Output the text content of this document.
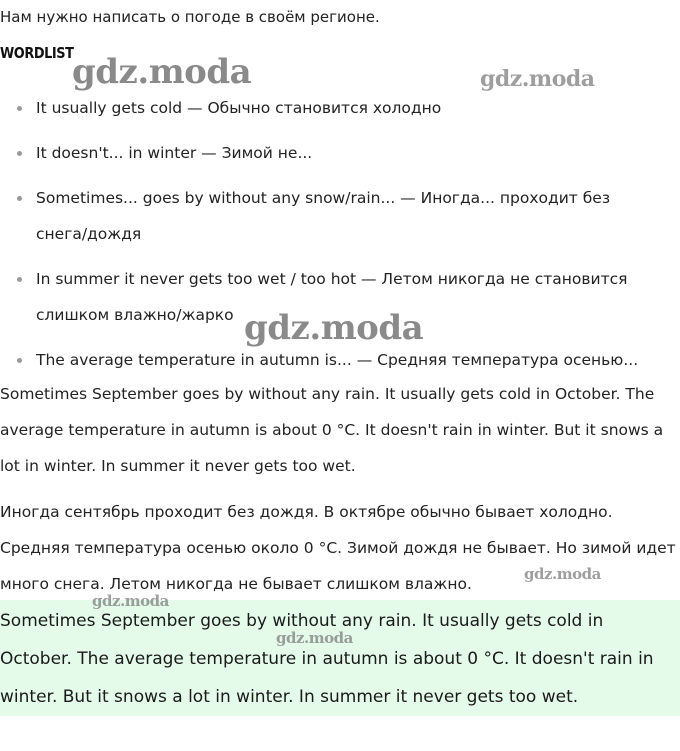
Нам нужно написать о погоде в своём регионе.
WORDLIST
It usually gets cold — Обычно становится холодно
It doesn't... in winter — Зимой не...
Sometimes... goes by without any snow/rain... — Иногда... проходит без снега/дождя
In summer it never gets too wet / too hot — Летом никогда не становится слишком влажно/жарко
The average temperature in autumn is... — Средняя температура осенью...

Sometimes September goes by without any rain. It usually gets cold in October. The average temperature in autumn is about 0 °C. It doesn't rain in winter. But it snows a lot in winter. In summer it never gets too wet.

Иногда сентябрь проходит без дождя. В октябре обычно бывает холодно. Средняя температура осенью около 0 °C. Зимой дождя не бывает. Но зимой идет много снега. Летом никогда не бывает слишком влажно.

Sometimes September goes by without any rain. It usually gets cold in October. The average temperature in autumn is about 0 °C. It doesn't rain in winter. But it snows a lot in winter. In summer it never gets too wet.

gdz.moda	gdz.moda
gdz.moda
gdz.moda
gdz.moda
gdz.moda
